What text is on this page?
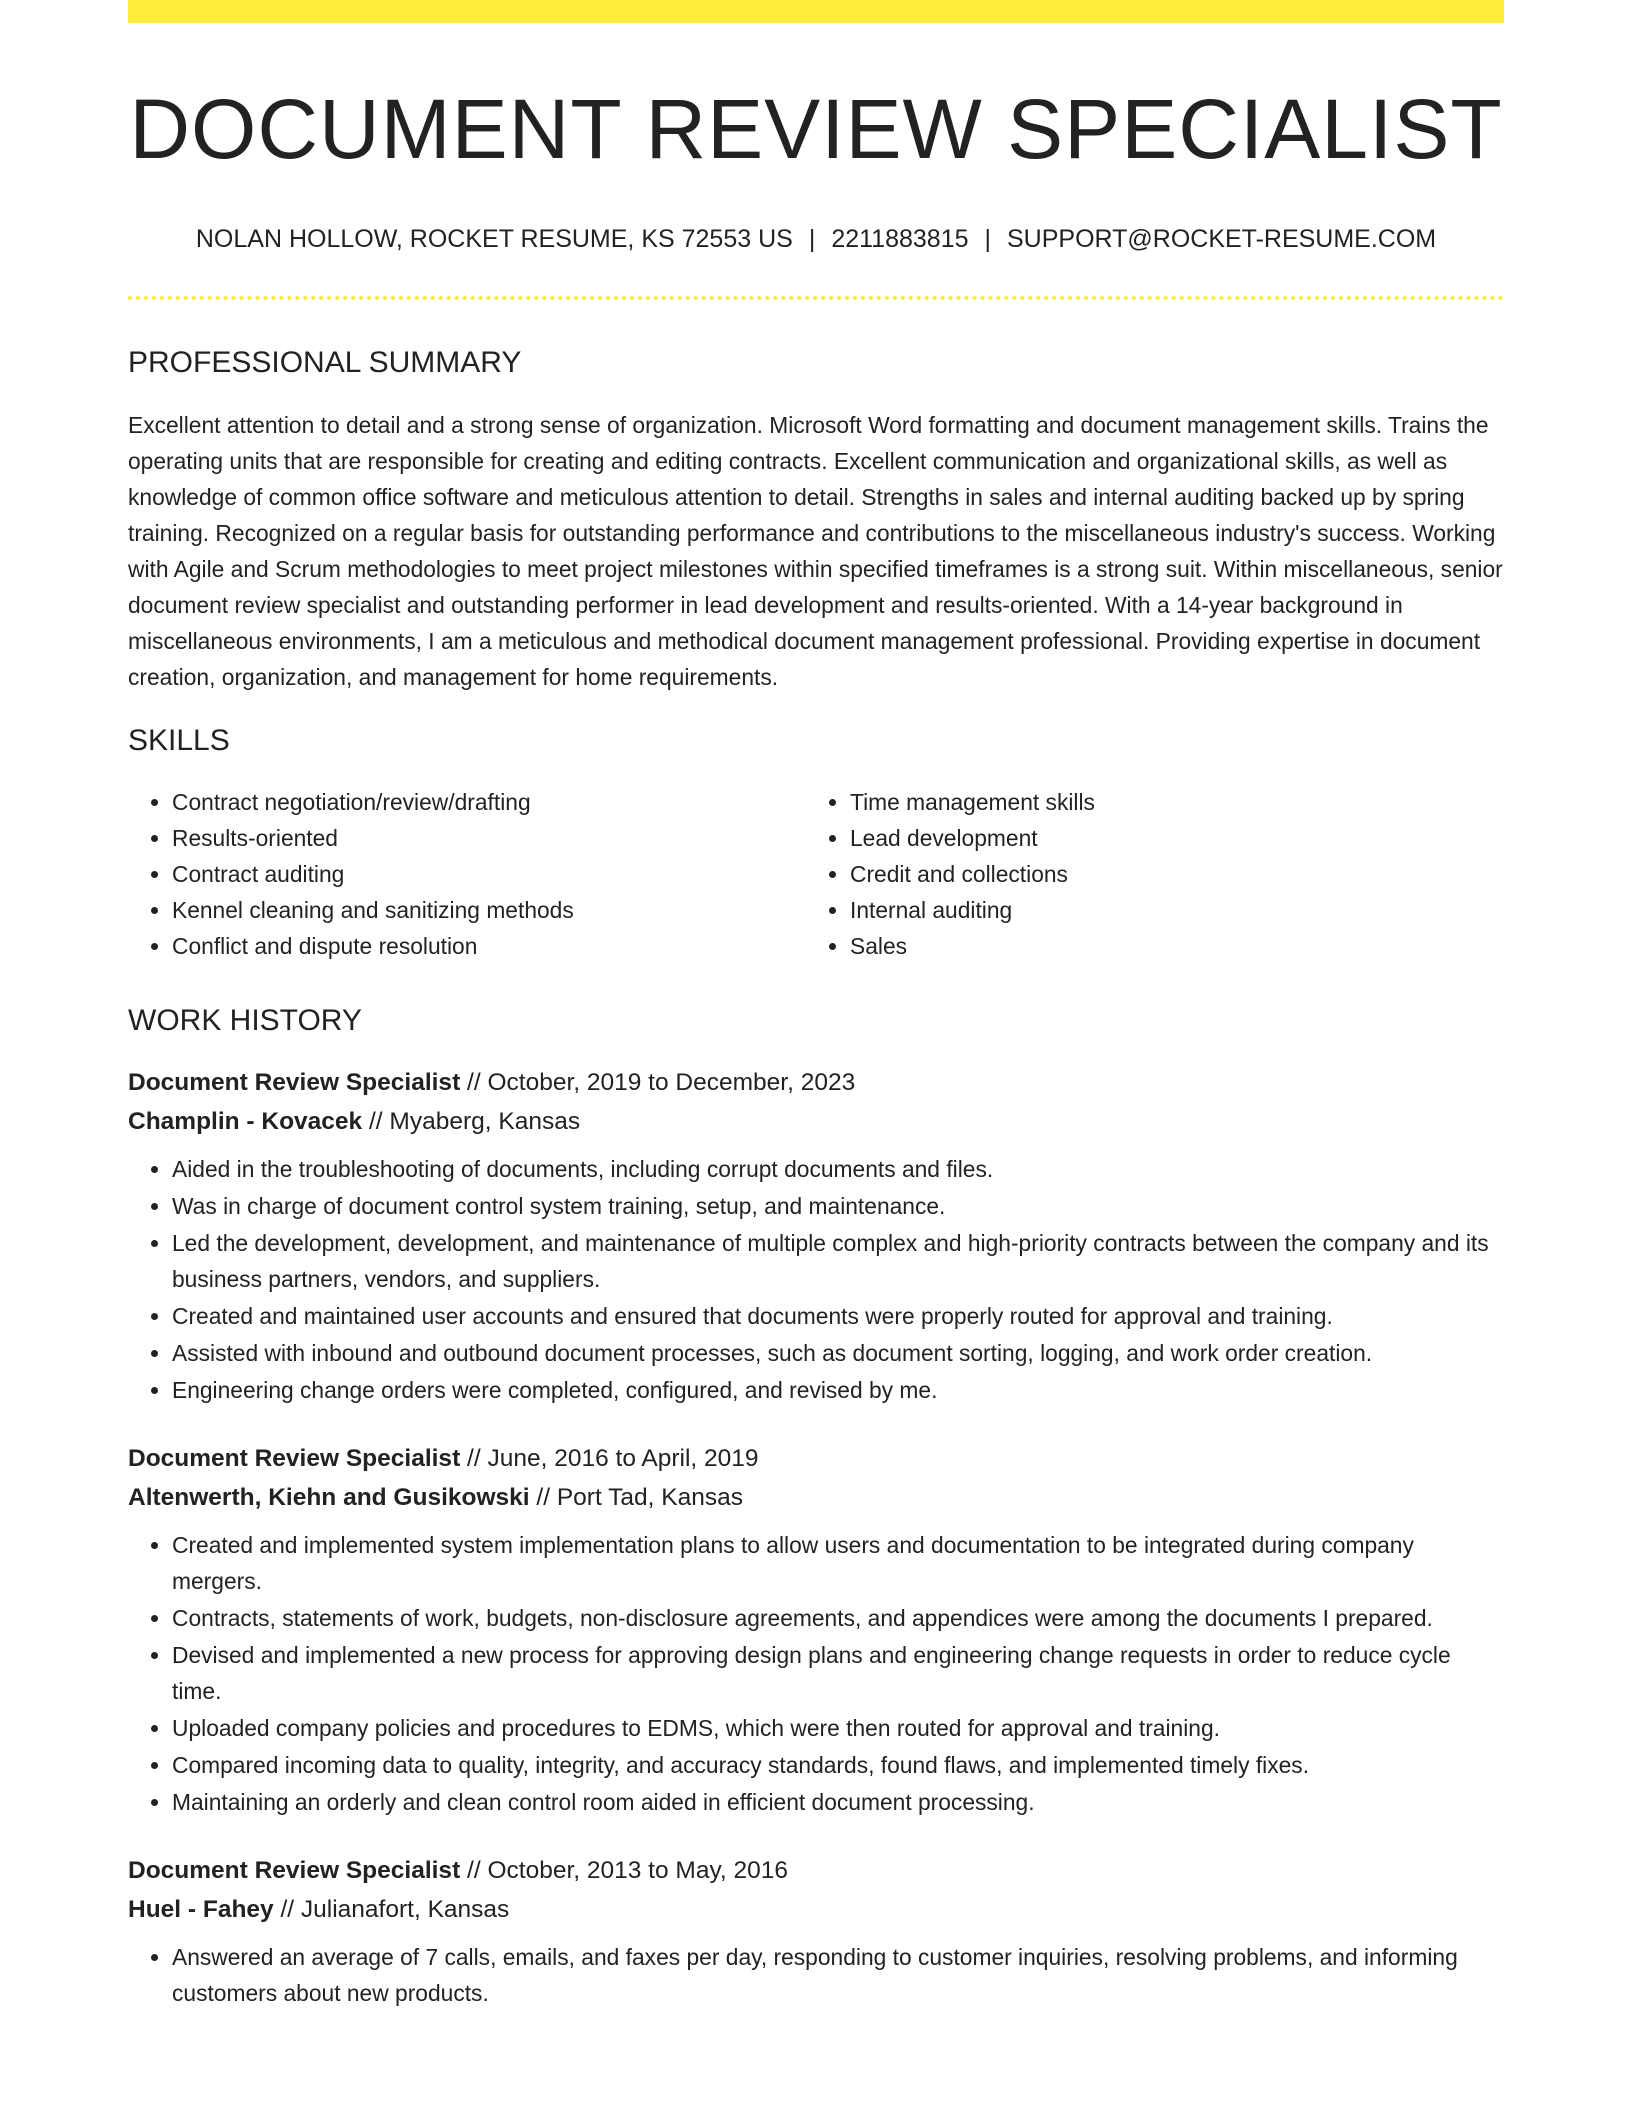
DOCUMENT REVIEW SPECIALIST
NOLAN HOLLOW, ROCKET RESUME, KS 72553 US | 2211883815 | SUPPORT@ROCKET-RESUME.COM
PROFESSIONAL SUMMARY
Excellent attention to detail and a strong sense of organization. Microsoft Word formatting and document management skills. Trains the operating units that are responsible for creating and editing contracts. Excellent communication and organizational skills, as well as knowledge of common office software and meticulous attention to detail. Strengths in sales and internal auditing backed up by spring training. Recognized on a regular basis for outstanding performance and contributions to the miscellaneous industry's success. Working with Agile and Scrum methodologies to meet project milestones within specified timeframes is a strong suit. Within miscellaneous, senior document review specialist and outstanding performer in lead development and results-oriented. With a 14-year background in miscellaneous environments, I am a meticulous and methodical document management professional. Providing expertise in document creation, organization, and management for home requirements.
SKILLS
• Contract negotiation/review/drafting
• Results-oriented
• Contract auditing
• Kennel cleaning and sanitizing methods
• Conflict and dispute resolution
• Time management skills
• Lead development
• Credit and collections
• Internal auditing
• Sales
WORK HISTORY
Document Review Specialist // October, 2019 to December, 2023
Champlin - Kovacek // Myaberg, Kansas
• Aided in the troubleshooting of documents, including corrupt documents and files.
• Was in charge of document control system training, setup, and maintenance.
• Led the development, development, and maintenance of multiple complex and high-priority contracts between the company and its business partners, vendors, and suppliers.
• Created and maintained user accounts and ensured that documents were properly routed for approval and training.
• Assisted with inbound and outbound document processes, such as document sorting, logging, and work order creation.
• Engineering change orders were completed, configured, and revised by me.
Document Review Specialist // June, 2016 to April, 2019
Altenwerth, Kiehn and Gusikowski // Port Tad, Kansas
• Created and implemented system implementation plans to allow users and documentation to be integrated during company mergers.
• Contracts, statements of work, budgets, non-disclosure agreements, and appendices were among the documents I prepared.
• Devised and implemented a new process for approving design plans and engineering change requests in order to reduce cycle time.
• Uploaded company policies and procedures to EDMS, which were then routed for approval and training.
• Compared incoming data to quality, integrity, and accuracy standards, found flaws, and implemented timely fixes.
• Maintaining an orderly and clean control room aided in efficient document processing.
Document Review Specialist // October, 2013 to May, 2016
Huel - Fahey // Julianafort, Kansas
• Answered an average of 7 calls, emails, and faxes per day, responding to customer inquiries, resolving problems, and informing customers about new products.
